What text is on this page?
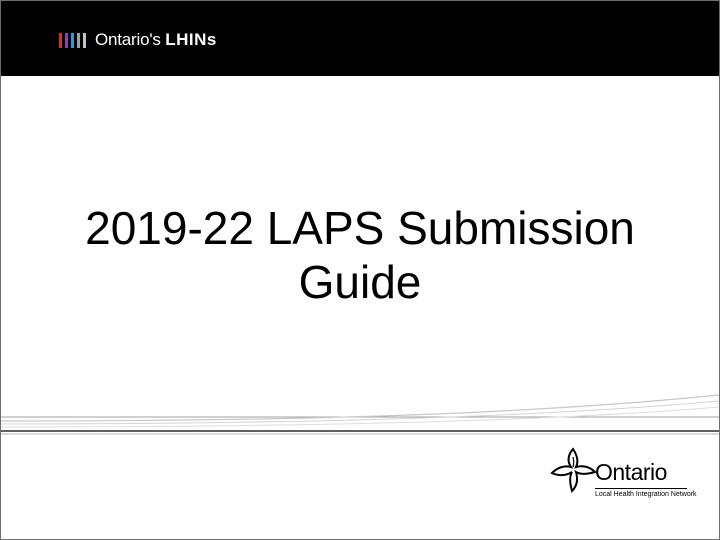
Ontario's LHINs
2019-22 LAPS Submission
Guide
Ontario
Local Health Integration Network
